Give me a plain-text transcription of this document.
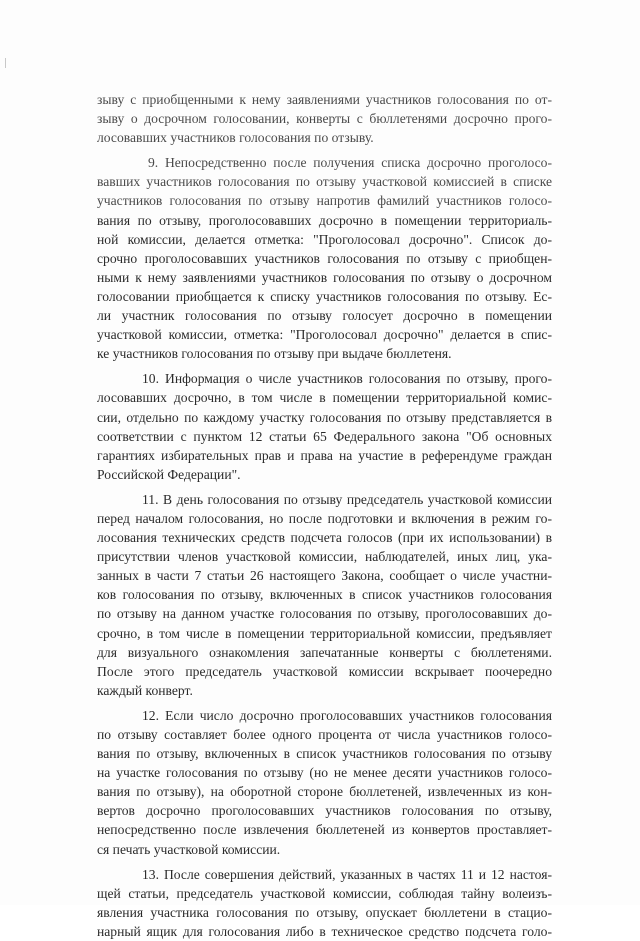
зыву с приобщенными к нему заявлениями участников голосования по от-
зыву о досрочном голосовании, конверты с бюллетенями досрочно прого-
лосовавших участников голосования по отзыву.
9. Непосредственно после получения списка досрочно проголосо-
вавших участников голосования по отзыву участковой комиссией в списке
участников голосования по отзыву напротив фамилий участников голосо-
вания по отзыву, проголосовавших досрочно в помещении территориаль-
ной комиссии, делается отметка: "Проголосовал досрочно". Список до-
срочно проголосовавших участников голосования по отзыву с приобщен-
ными к нему заявлениями участников голосования по отзыву о досрочном
голосовании приобщается к списку участников голосования по отзыву. Ес-
ли участник голосования по отзыву голосует досрочно в помещении
участковой комиссии, отметка: "Проголосовал досрочно" делается в спис-
ке участников голосования по отзыву при выдаче бюллетеня.
10. Информация о числе участников голосования по отзыву, прого-
лосовавших досрочно, в том числе в помещении территориальной комис-
сии, отдельно по каждому участку голосования по отзыву представляется в
соответствии с пунктом 12 статьи 65 Федерального закона "Об основных
гарантиях избирательных прав и права на участие в референдуме граждан
Российской Федерации".
11. В день голосования по отзыву председатель участковой комиссии
перед началом голосования, но после подготовки и включения в режим го-
лосования технических средств подсчета голосов (при их использовании) в
присутствии членов участковой комиссии, наблюдателей, иных лиц, ука-
занных в части 7 статьи 26 настоящего Закона, сообщает о числе участни-
ков голосования по отзыву, включенных в список участников голосования
по отзыву на данном участке голосования по отзыву, проголосовавших до-
срочно, в том числе в помещении территориальной комиссии, предъявляет
для визуального ознакомления запечатанные конверты с бюллетенями.
После этого председатель участковой комиссии вскрывает поочередно
каждый конверт.
12. Если число досрочно проголосовавших участников голосования
по отзыву составляет более одного процента от числа участников голосо-
вания по отзыву, включенных в список участников голосования по отзыву
на участке голосования по отзыву (но не менее десяти участников голосо-
вания по отзыву), на оборотной стороне бюллетеней, извлеченных из кон-
вертов досрочно проголосовавших участников голосования по отзыву,
непосредственно после извлечения бюллетеней из конвертов проставляет-
ся печать участковой комиссии.
13. После совершения действий, указанных в частях 11 и 12 настоя-
щей статьи, председатель участковой комиссии, соблюдая тайну волеизъ-
явления участника голосования по отзыву, опускает бюллетени в стацио-
нарный ящик для голосования либо в техническое средство подсчета голо-
